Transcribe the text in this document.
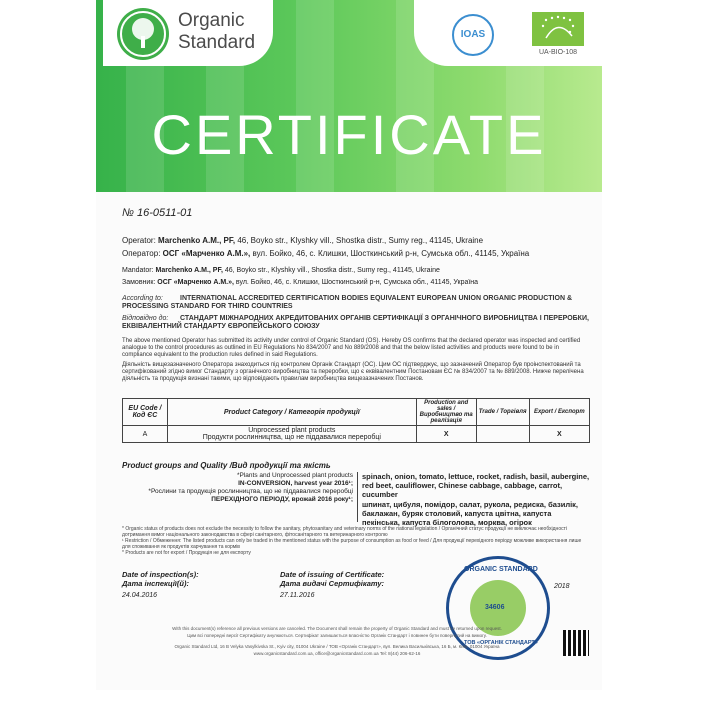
Organic
Standard	IOAS
UA-BIO-108
CERTIFICATE
№ 16-0511-01
Operator: Marchenko A.M., PF, 46, Boyko str., Klyshky vill., Shostka distr., Sumy reg., 41145, Ukraine
Оператор: ОСГ «Марченко А.М.», вул. Бойко, 46, с. Клишки, Шосткинський р-н, Сумська обл., 41145, Україна
Mandator: Marchenko A.M., PF, 46, Boyko str., Klyshky vill., Shostka distr., Sumy reg., 41145, Ukraine
Замовник: ОСГ «Марченко А.М.», вул. Бойко, 46, с. Клишки, Шосткинський р-н, Сумська обл., 41145, Україна
According to: INTERNATIONAL ACCREDITED CERTIFICATION BODIES EQUIVALENT EUROPEAN UNION ORGANIC PRODUCTION & PROCESSING STANDARD FOR THIRD COUNTRIES
Відповідно до: СТАНДАРТ МІЖНАРОДНИХ АКРЕДИТОВАНИХ ОРГАНІВ СЕРТИФІКАЦІЇ З ОРГАНІЧНОГО ВИРОБНИЦТВА І ПЕРЕРОБКИ, ЕКВІВАЛЕНТНИЙ СТАНДАРТУ ЄВРОПЕЙСЬКОГО СОЮЗУ
The above mentioned Operator has submitted its activity under control of Organic Standard (OS). Hereby OS confirms that the declared operator was inspected and certified analogue to the control procedures as outlined in EU Regulations No 834/2007 and No 889/2008 and that the below listed activities and products were found to be in compliance equivalent to the production rules defined in said Regulations.
Діяльність вищезазначеного Оператора знаходиться під контролем Органік Стандарт (ОС). Цим ОС підтверджує, що зазначений Оператор був проінспектований та сертифікований згідно вимог Стандарту з органічного виробництва та переробки, що є еквівалентним Постановам ЄС № 834/2007 та № 889/2008. Нижче перелічена діяльність та продукція визнані такими, що відповідають правилам виробництва вищезазначених Постанов.
EU Code / Код ЄС	Product Category / Категорія продукції	Production and sales / Виробництво та реалізація	Trade / Торгівля	Export / Експорт
A	Unprocessed plant products
Продукти рослинництва, що не піддавалися переробці	X		X
Product groups and Quality /Вид продукції та якість
*Plants and Unprocessed plant products
IN-CONVERSION, harvest year 2016¹;
*Рослини та продукція рослинництва, що не піддавалися переробці
ПЕРЕХІДНОГО ПЕРІОДУ, врожай 2016 року¹;
spinach, onion, tomato, lettuce, rocket, radish, basil, aubergine, red beet, cauliflower, Chinese cabbage, cabbage, carrot, cucumber
шпинат, цибуля, помідор, салат, рукола, редиска, базилік, баклажан, буряк столовий, капуста цвітна, капуста пекінська, капуста білоголова, морква, огірок
* Organic status of products does not exclude the necessity to follow the sanitary, phytosanitary and veterinary norms of the national legislation / Органічний статус продукції не виключає необхідності дотримання вимог національного законодавства в сфері санітарного, фітосанітарного та ветеринарного контролю
¹ Restriction / Обмеження: The listed products can only be traded in the mentioned status with the purpose of consumption as food or feed / Для продукції перехідного періоду можливе використання лише для споживання як продуктів харчування та кормів
* Products are not for export / Продукція не для експорту
Date of inspection(s):
Дата інспекції(й):
24.04.2016
Date of issuing of Certificate:
Дата видачі Сертифікату:
27.11.2016
2018
ORGANIC STANDARD
ТОВ «ОРГАНІК СТАНДАРТ»
34606
With this document(s) reference all previous versions are canceled. The Document shall remain the property of Organic Standard and must be returned upon request.
Цим всі попередні версії Сертифікату анулюються. Сертифікат залишається власністю Органік Стандарт і повинен бути повернутий на вимогу.
Organic Standard Ltd, 16 B Velyka Vasylkivska St., Kyiv city, 01004 Ukraine / ТОВ «Органік Стандарт», вул. Велика Васильківська, 16 Б, м. Київ, 01004 Україна
www.organicstandard.com.ua, office@organicstandard.com.ua Tel: 8(44) 206-62-16
